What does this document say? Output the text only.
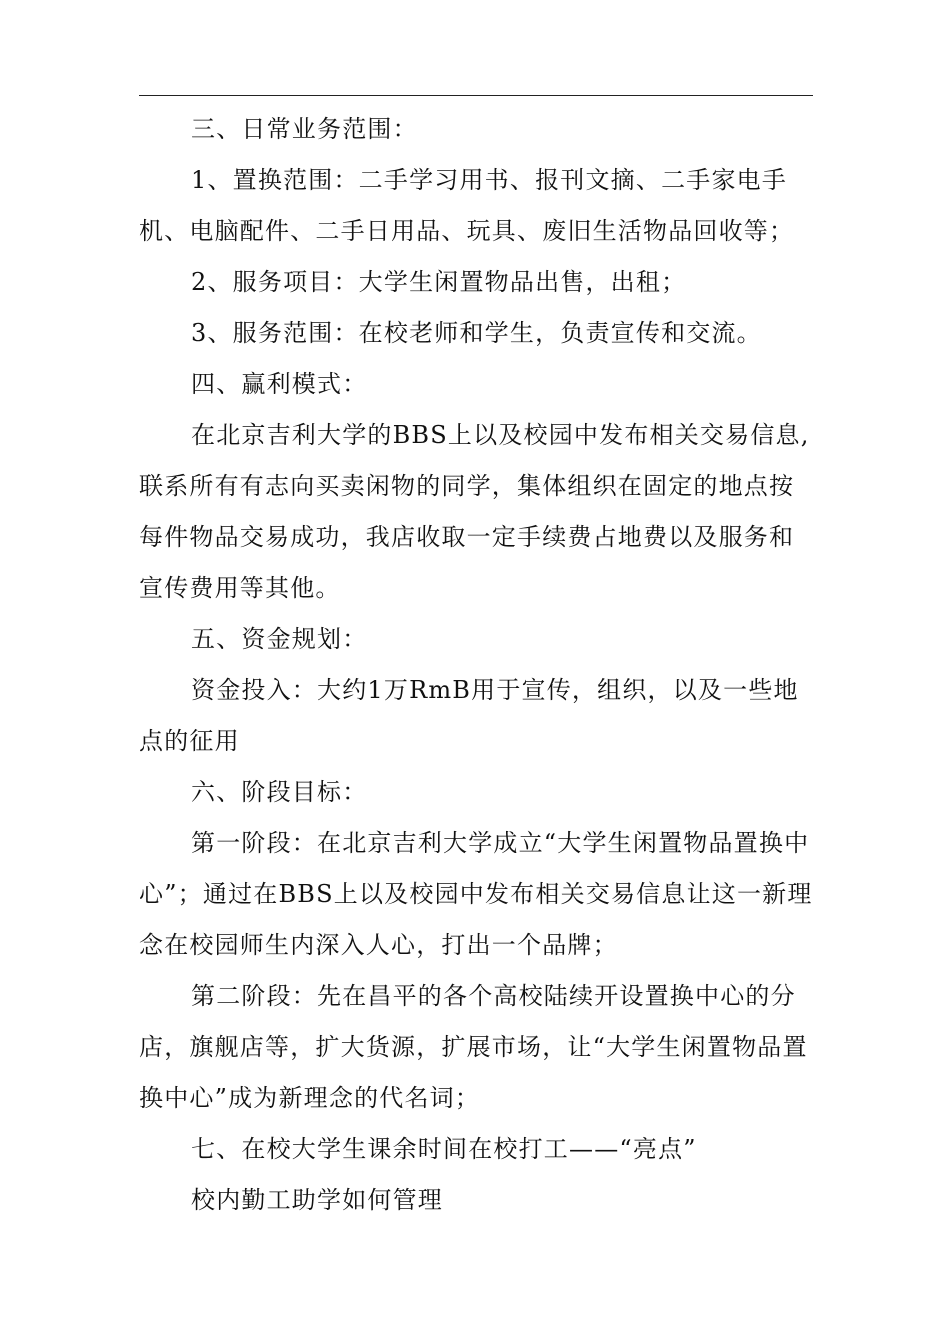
三、日常业务范围：

1、置换范围：二手学习用书、报刊文摘、二手家电手机、电脑配件、二手日用品、玩具、废旧生活物品回收等；

2、服务项目：大学生闲置物品出售，出租；

3、服务范围：在校老师和学生，负责宣传和交流。

四、赢利模式：

在北京吉利大学的BBS上以及校园中发布相关交易信息,联系所有有志向买卖闲物的同学，集体组织在固定的地点按每件物品交易成功，我店收取一定手续费占地费以及服务和宣传费用等其他。

五、资金规划：

资金投入：大约1万RmB用于宣传，组织，以及一些地点的征用

六、阶段目标：

第一阶段：在北京吉利大学成立“大学生闲置物品置换中心”；通过在BBS上以及校园中发布相关交易信息让这一新理念在校园师生内深入人心，打出一个品牌；

第二阶段：先在昌平的各个高校陆续开设置换中心的分店，旗舰店等，扩大货源，扩展市场，让“大学生闲置物品置换中心”成为新理念的代名词；

七、在校大学生课余时间在校打工——“亮点”

校内勤工助学如何管理
